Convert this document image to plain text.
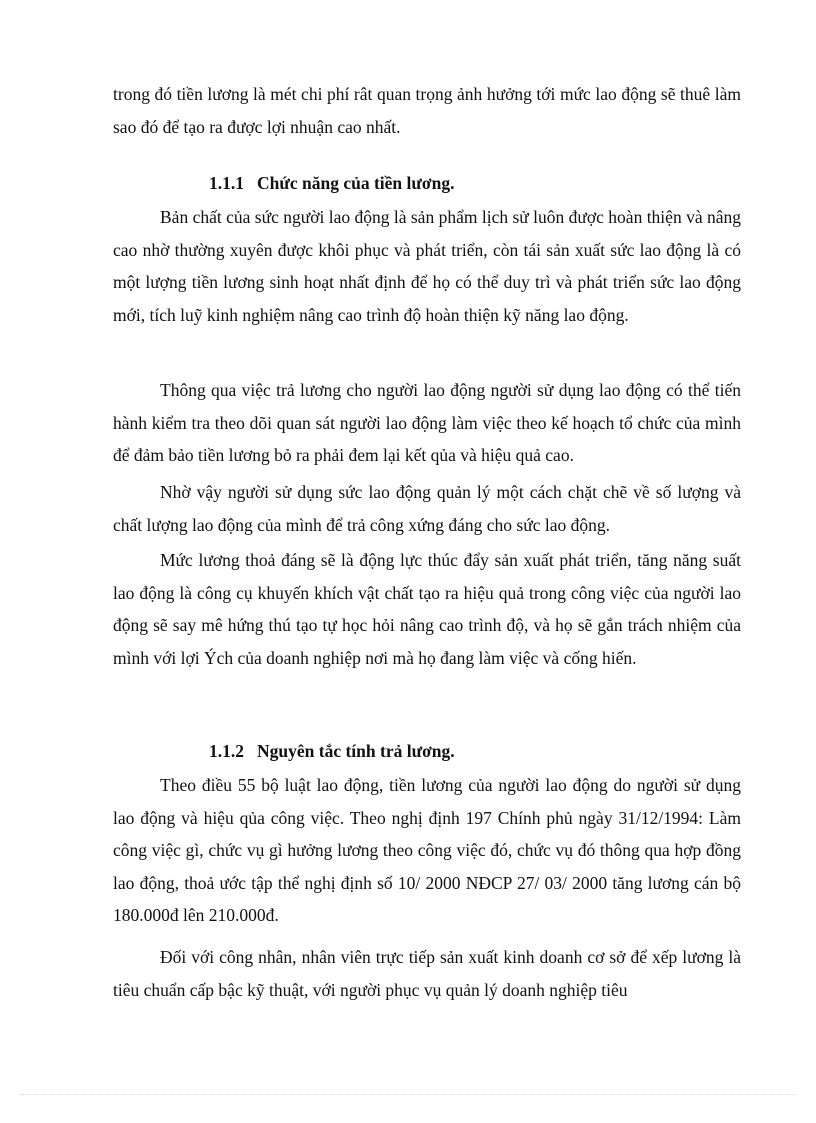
trong đó tiền lương là mét chi phí rât quan trọng ảnh hưởng tới mức lao động sẽ thuê làm sao đó để tạo ra được lợi nhuận cao nhất.

1.1.1 Chức năng của tiền lương.

Bản chất của sức người lao động là sản phẩm lịch sử luôn được hoàn thiện và nâng cao nhờ thường xuyên được khôi phục và phát triển, còn tái sản xuất sức lao động là có một lượng tiền lương sinh hoạt nhất định để họ có thể duy trì và phát triển sức lao động mới, tích luỹ kinh nghiệm nâng cao trình độ hoàn thiện kỹ năng lao động.

Thông qua việc trả lương cho người lao động người sử dụng lao động có thể tiến hành kiểm tra theo dõi quan sát người lao động làm việc theo kế hoạch tổ chức của mình để đảm bảo tiền lương bỏ ra phải đem lại kết qủa và hiệu quả cao.

Nhờ vậy người sử dụng sức lao động quản lý một cách chặt chẽ về số lượng và chất lượng lao động của mình để trả công xứng đáng cho sức lao động.

Mức lương thoả đáng sẽ là động lực thúc đẩy sản xuất phát triển, tăng năng suất lao động là công cụ khuyến khích vật chất tạo ra hiệu quả trong công việc của người lao động sẽ say mê hứng thú tạo tự học hỏi nâng cao trình độ, và họ sẽ gắn trách nhiệm của mình với lợi Ých của doanh nghiệp nơi mà họ đang làm việc và cống hiến.

1.1.2 Nguyên tắc tính trả lương.

Theo điều 55 bộ luật lao động, tiền lương của người lao động do người sử dụng lao động và hiệu qủa công việc. Theo nghị định 197 Chính phủ ngày 31/12/1994: Làm công việc gì, chức vụ gì hưởng lương theo công việc đó, chức vụ đó thông qua hợp đồng lao động, thoả ước tập thể nghị định số 10/ 2000 NĐCP 27/ 03/ 2000 tăng lương cán bộ 180.000đ lên 210.000đ.

Đối với công nhân, nhân viên trực tiếp sản xuất kinh doanh cơ sở để xếp lương là tiêu chuẩn cấp bậc kỹ thuật, với người phục vụ quản lý doanh nghiệp tiêu
